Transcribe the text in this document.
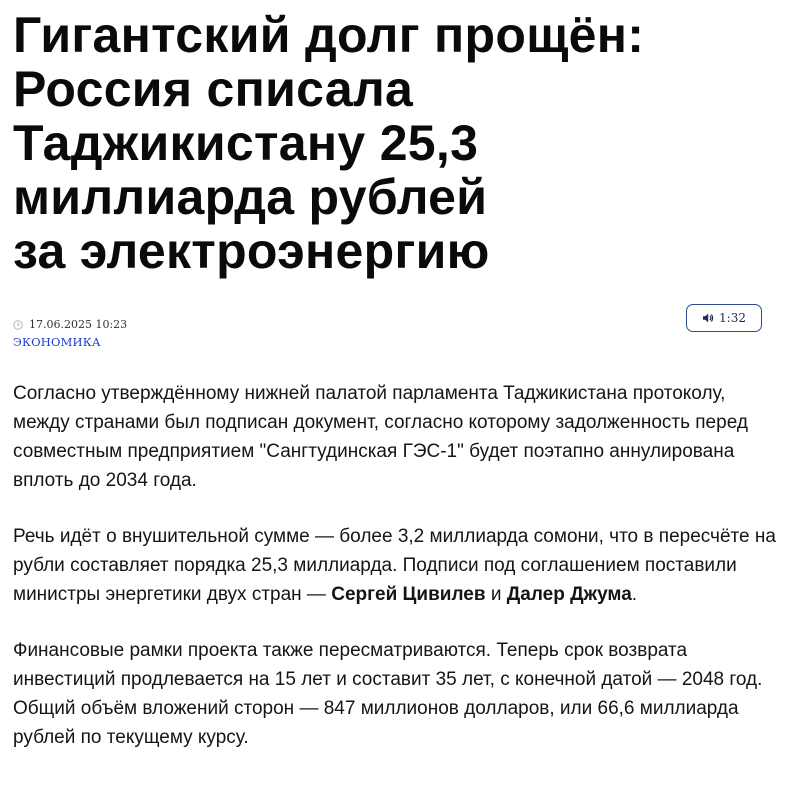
Гигантский долг прощён:
Россия списала
Таджикистану 25,3
миллиарда рублей
за электроэнергию
17.06.2025 10:23
ЭКОНОМИКА
1:32

Согласно утверждённому нижней палатой парламента Таджикистана протоколу, между странами был подписан документ, согласно которому задолженность перед совместным предприятием "Сангтудинская ГЭС-1" будет поэтапно аннулирована вплоть до 2034 года.

Речь идёт о внушительной сумме — более 3,2 миллиарда сомони, что в пересчёте на рубли составляет порядка 25,3 миллиарда. Подписи под соглашением поставили министры энергетики двух стран — Сергей Цивилев и Далер Джума.

Финансовые рамки проекта также пересматриваются. Теперь срок возврата инвестиций продлевается на 15 лет и составит 35 лет, с конечной датой — 2048 год. Общий объём вложений сторон — 847 миллионов долларов, или 66,6 миллиарда рублей по текущему курсу.
